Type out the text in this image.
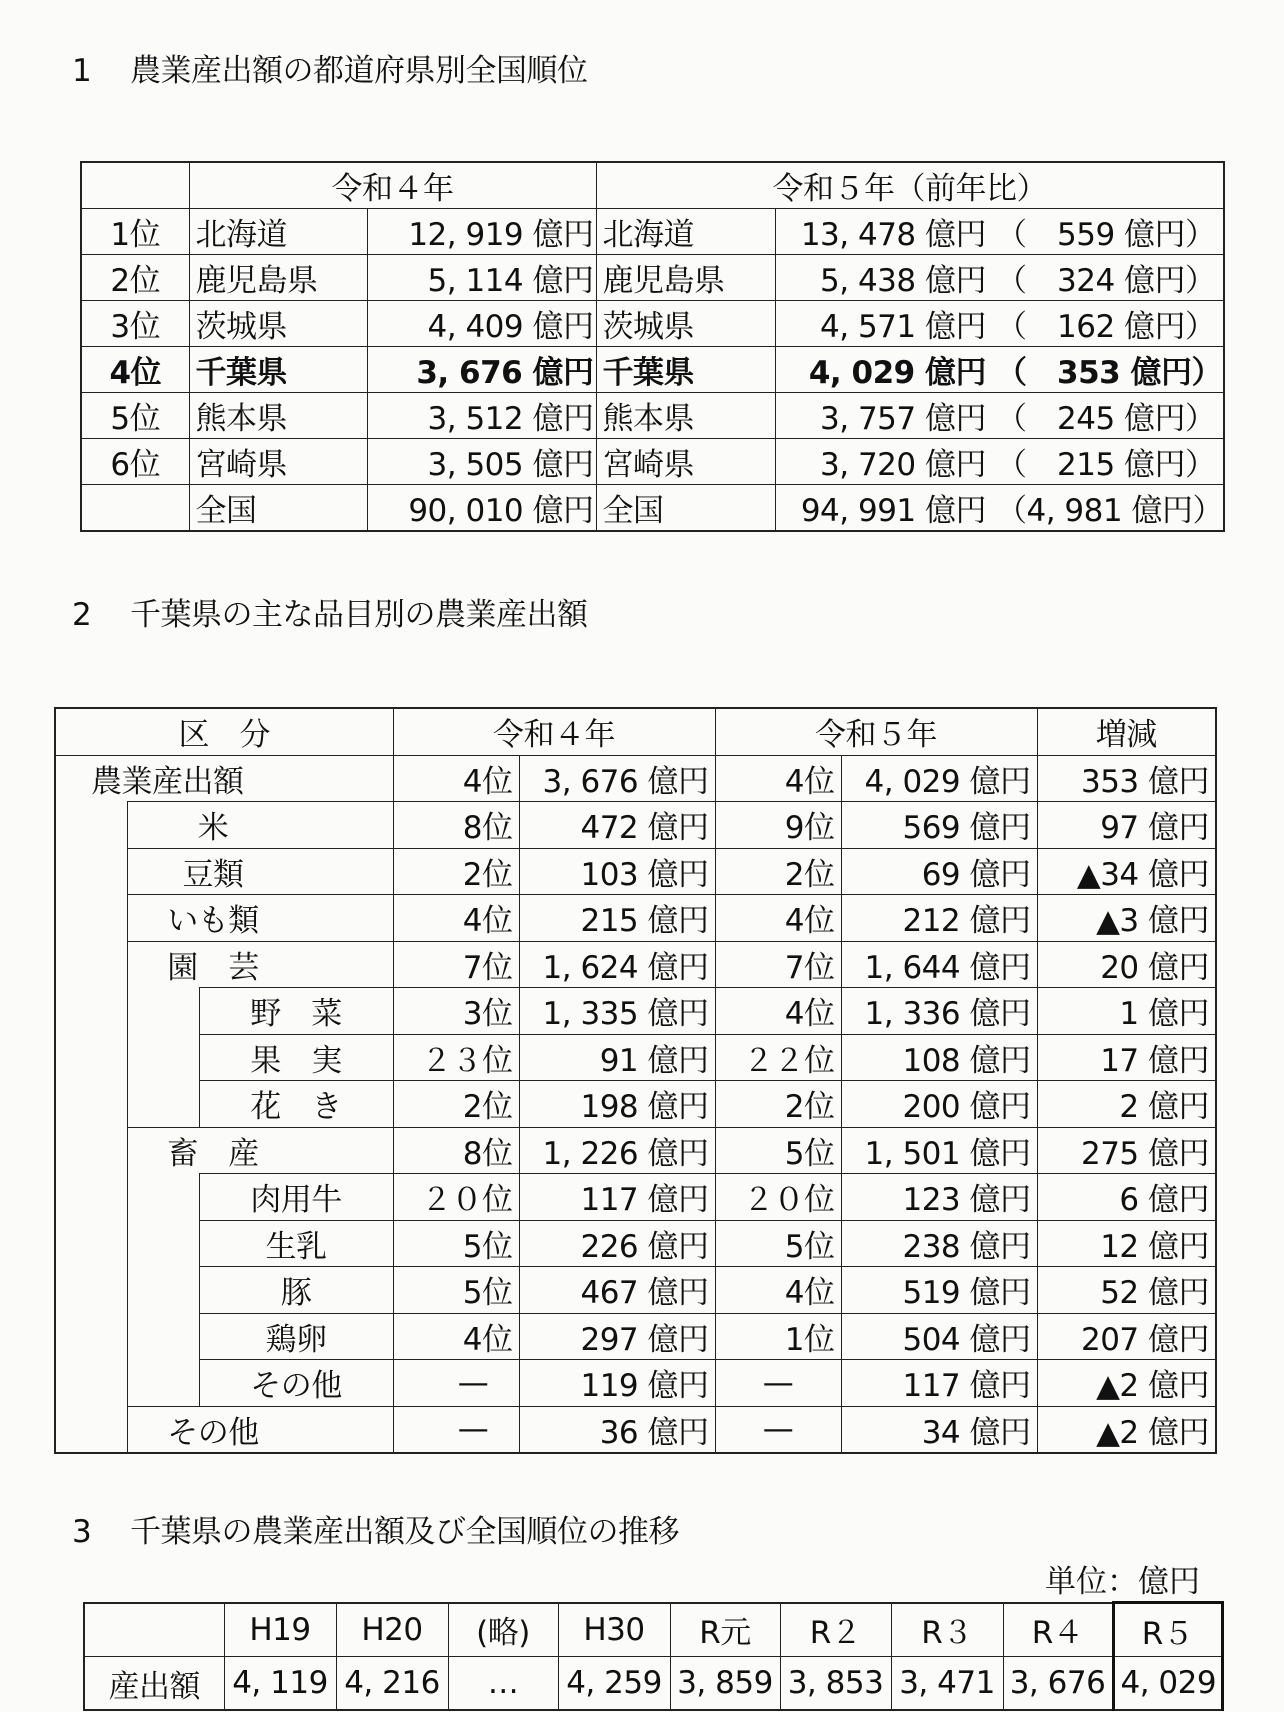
1 農業産出額の都道府県別全国順位
	令和４年		令和５年（前年比）		
1位	北海道	12, 919 億円	北海道	13, 478 億円	（　559 億円）
2位	鹿児島県	5, 114 億円	鹿児島県	5, 438 億円	（　324 億円）
3位	茨城県	4, 409 億円	茨城県	4, 571 億円	（　162 億円）
4位	千葉県	3, 676 億円	千葉県	4, 029 億円	（　353 億円）
5位	熊本県	3, 512 億円	熊本県	3, 757 億円	（　245 億円）
6位	宮崎県	3, 505 億円	宮崎県	3, 720 億円	（　215 億円）
	全国	90, 010 億円	全国	94, 991 億円	（4, 981 億円）
2 千葉県の主な品目別の農業産出額
区　分			令和４年		令和５年		増減
農業産出額			4位	3, 676 億円	4位	4, 029 億円	353 億円
	米		8位	472 億円	9位	569 億円	97 億円
	豆類		2位	103 億円	2位	69 億円	▲34 億円
	いも類		4位	215 億円	4位	212 億円	▲3 億円
	園　芸		7位	1, 624 億円	7位	1, 644 億円	20 億円
		野　菜	3位	1, 335 億円	4位	1, 336 億円	1 億円
		果　実	２３位	91 億円	２２位	108 億円	17 億円
		花　き	2位	198 億円	2位	200 億円	2 億円
	畜　産		8位	1, 226 億円	5位	1, 501 億円	275 億円
		肉用牛	２０位	117 億円	２０位	123 億円	6 億円
		生乳	5位	226 億円	5位	238 億円	12 億円
		豚	5位	467 億円	4位	519 億円	52 億円
		鶏卵	4位	297 億円	1位	504 億円	207 億円
		その他	—	119 億円	—	117 億円	▲2 億円
	その他		—	36 億円	—	34 億円	▲2 億円
3 千葉県の農業産出額及び全国順位の推移
単位：億円
	H19	H20	(略)	H30	R元	R２	R３	R４	R５
産出額	4, 119	4, 216	…	4, 259	3, 859	3, 853	3, 471	3, 676	4, 029
